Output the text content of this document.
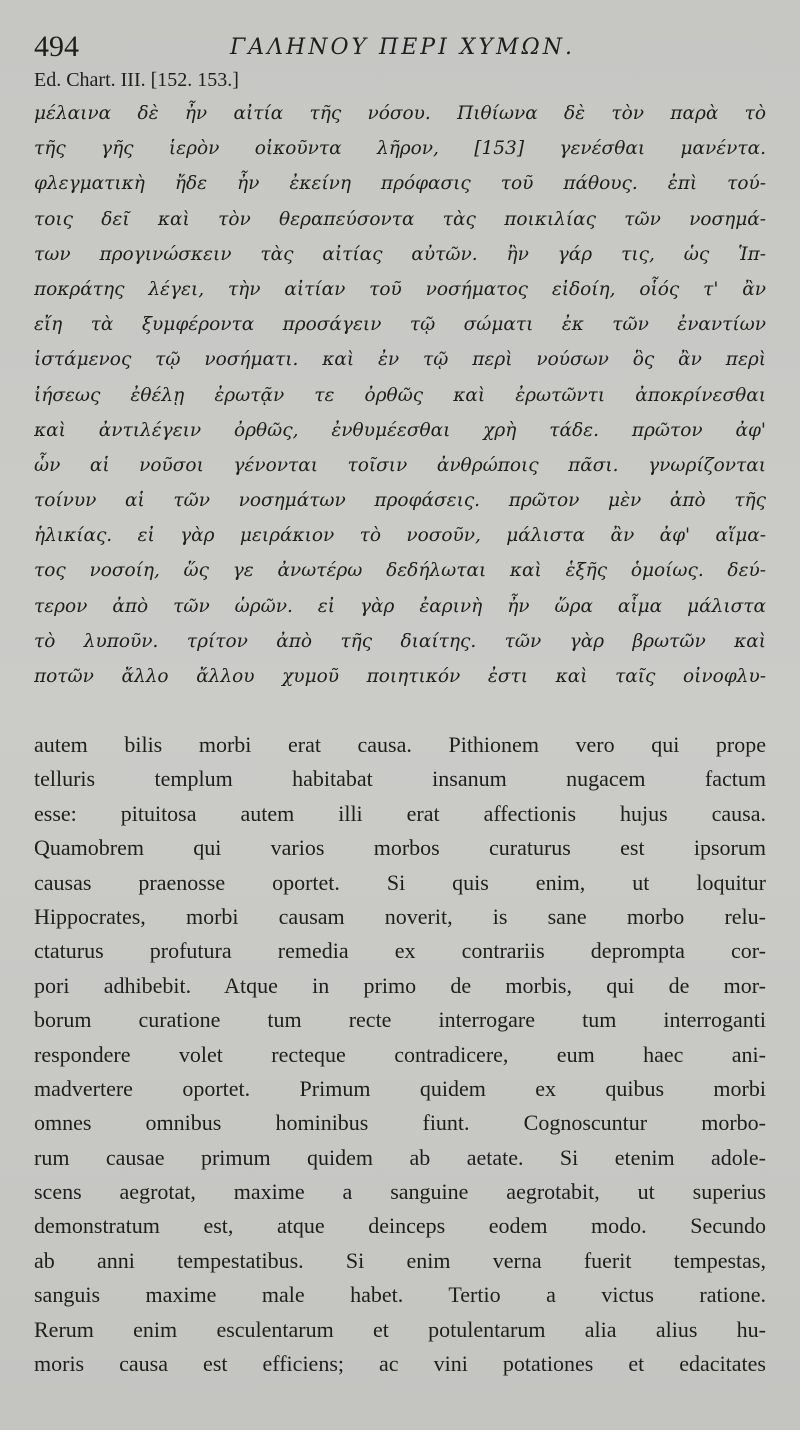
494	ΓΑΛΗΝΟΥ ΠΕΡΙ ΧΥΜΩΝ.
Ed. Chart. III. [152. 153.]
μέλαινα δὲ ἦν αἰτία τῆς νόσου. Πιθίωνα δὲ τὸν παρὰ τὸ
τῆς γῆς ἱερὸν οἰκοῦντα λῆρον, [153] γενέσθαι μανέντα.
φλεγματικὴ ἤδε ἦν ἐκείνη πρόφασις τοῦ πάθους. ἐπὶ τού-
τοις δεῖ καὶ τὸν θεραπεύσοντα τὰς ποικιλίας τῶν νοσημά-
των προγινώσκειν τὰς αἰτίας αὐτῶν. ἢν γάρ τις, ὡς Ἱπ-
ποκράτης λέγει, τὴν αἰτίαν τοῦ νοσήματος εἰδοίη, οἷός τ' ἂν
εἴη τὰ ξυμφέροντα προσάγειν τῷ σώματι ἐκ τῶν ἐναντίων
ἱστάμενος τῷ νοσήματι. καὶ ἐν τῷ περὶ νούσων ὃς ἂν περὶ
ἰήσεως ἐθέλῃ ἐρωτᾷν τε ὀρθῶς καὶ ἐρωτῶντι ἀποκρίνεσθαι
καὶ ἀντιλέγειν ὀρθῶς, ἐνθυμέεσθαι χρὴ τάδε. πρῶτον ἀφ'
ὧν αἱ νοῦσοι γένονται τοῖσιν ἀνθρώποις πᾶσι. γνωρίζονται
τοίνυν αἱ τῶν νοσημάτων προφάσεις. πρῶτον μὲν ἀπὸ τῆς
ἡλικίας. εἰ γὰρ μειράκιον τὸ νοσοῦν, μάλιστα ἂν ἀφ' αἵμα-
τος νοσοίη, ὥς γε ἀνωτέρω δεδήλωται καὶ ἑξῆς ὁμοίως. δεύ-
τερον ἀπὸ τῶν ὡρῶν. εἰ γὰρ ἐαρινὴ ἦν ὥρα αἷμα μάλιστα
τὸ λυποῦν. τρίτον ἀπὸ τῆς διαίτης. τῶν γὰρ βρωτῶν καὶ
ποτῶν ἄλλο ἄλλου χυμοῦ ποιητικόν ἐστι καὶ ταῖς οἰνοφλυ-
autem bilis morbi erat causa. Pithionem vero qui prope
telluris templum habitabat insanum nugacem factum
esse: pituitosa autem illi erat affectionis hujus causa.
Quamobrem qui varios morbos curaturus est ipsorum
causas praenosse oportet. Si quis enim, ut loquitur
Hippocrates, morbi causam noverit, is sane morbo relu-
ctaturus profutura remedia ex contrariis deprompta cor-
pori adhibebit. Atque in primo de morbis, qui de mor-
borum curatione tum recte interrogare tum interroganti
respondere volet recteque contradicere, eum haec ani-
madvertere oportet. Primum quidem ex quibus morbi
omnes omnibus hominibus fiunt. Cognoscuntur morbo-
rum causae primum quidem ab aetate. Si etenim adole-
scens aegrotat, maxime a sanguine aegrotabit, ut superius
demonstratum est, atque deinceps eodem modo. Secundo
ab anni tempestatibus. Si enim verna fuerit tempestas,
sanguis maxime male habet. Tertio a victus ratione.
Rerum enim esculentarum et potulentarum alia alius hu-
moris causa est efficiens; ac vini potationes et edacitates
